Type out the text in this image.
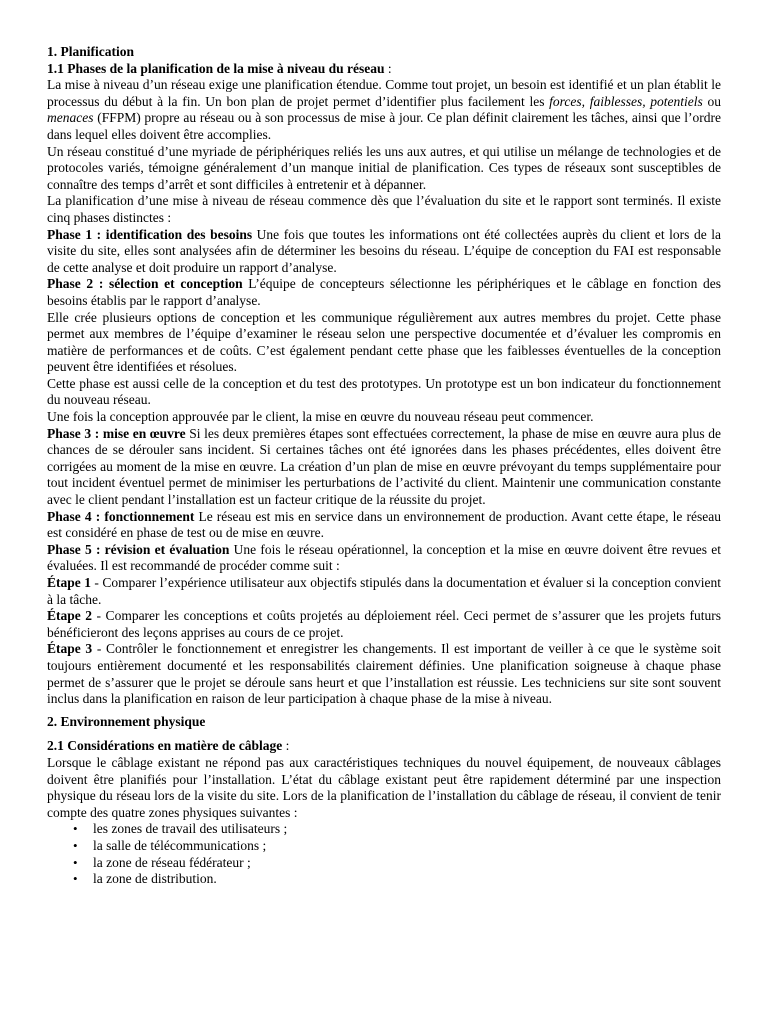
1. Planification

1.1 Phases de la planification de la mise à niveau du réseau :

La mise à niveau d’un réseau exige une planification étendue. Comme tout projet, un besoin est identifié et un plan établit le processus du début à la fin. Un bon plan de projet permet d’identifier plus facilement les forces, faiblesses, potentiels ou menaces (FFPM) propre au réseau ou à son processus de mise à jour. Ce plan définit clairement les tâches, ainsi que l’ordre dans lequel elles doivent être accomplies.

Un réseau constitué d’une myriade de périphériques reliés les uns aux autres, et qui utilise un mélange de technologies et de protocoles variés, témoigne généralement d’un manque initial de planification. Ces types de réseaux sont susceptibles de connaître des temps d’arrêt et sont difficiles à entretenir et à dépanner.

La planification d’une mise à niveau de réseau commence dès que l’évaluation du site et le rapport sont terminés. Il existe cinq phases distinctes :

Phase 1 : identification des besoins Une fois que toutes les informations ont été collectées auprès du client et lors de la visite du site, elles sont analysées afin de déterminer les besoins du réseau. L’équipe de conception du FAI est responsable de cette analyse et doit produire un rapport d’analyse.

Phase 2 : sélection et conception L’équipe de concepteurs sélectionne les périphériques et le câblage en fonction des besoins établis par le rapport d’analyse.

Elle crée plusieurs options de conception et les communique régulièrement aux autres membres du projet. Cette phase permet aux membres de l’équipe d’examiner le réseau selon une perspective documentée et d’évaluer les compromis en matière de performances et de coûts. C’est également pendant cette phase que les faiblesses éventuelles de la conception peuvent être identifiées et résolues.

Cette phase est aussi celle de la conception et du test des prototypes. Un prototype est un bon indicateur du fonctionnement du nouveau réseau.

Une fois la conception approuvée par le client, la mise en œuvre du nouveau réseau peut commencer.

Phase 3 : mise en œuvre Si les deux premières étapes sont effectuées correctement, la phase de mise en œuvre aura plus de chances de se dérouler sans incident. Si certaines tâches ont été ignorées dans les phases précédentes, elles doivent être corrigées au moment de la mise en œuvre. La création d’un plan de mise en œuvre prévoyant du temps supplémentaire pour tout incident éventuel permet de minimiser les perturbations de l’activité du client. Maintenir une communication constante avec le client pendant l’installation est un facteur critique de la réussite du projet.

Phase 4 : fonctionnement Le réseau est mis en service dans un environnement de production. Avant cette étape, le réseau est considéré en phase de test ou de mise en œuvre.

Phase 5 : révision et évaluation Une fois le réseau opérationnel, la conception et la mise en œuvre doivent être revues et évaluées. Il est recommandé de procéder comme suit :

Étape 1 - Comparer l’expérience utilisateur aux objectifs stipulés dans la documentation et évaluer si la conception convient à la tâche.

Étape 2 - Comparer les conceptions et coûts projetés au déploiement réel. Ceci permet de s’assurer que les projets futurs bénéficieront des leçons apprises au cours de ce projet.

Étape 3 - Contrôler le fonctionnement et enregistrer les changements. Il est important de veiller à ce que le système soit toujours entièrement documenté et les responsabilités clairement définies. Une planification soigneuse à chaque phase permet de s’assurer que le projet se déroule sans heurt et que l’installation est réussie. Les techniciens sur site sont souvent inclus dans la planification en raison de leur participation à chaque phase de la mise à niveau.

2. Environnement physique

2.1 Considérations en matière de câblage :

Lorsque le câblage existant ne répond pas aux caractéristiques techniques du nouvel équipement, de nouveaux câblages doivent être planifiés pour l’installation. L’état du câblage existant peut être rapidement déterminé par une inspection physique du réseau lors de la visite du site. Lors de la planification de l’installation du câblage de réseau, il convient de tenir compte des quatre zones physiques suivantes :

• les zones de travail des utilisateurs ;
• la salle de télécommunications ;
• la zone de réseau fédérateur ;
• la zone de distribution.
